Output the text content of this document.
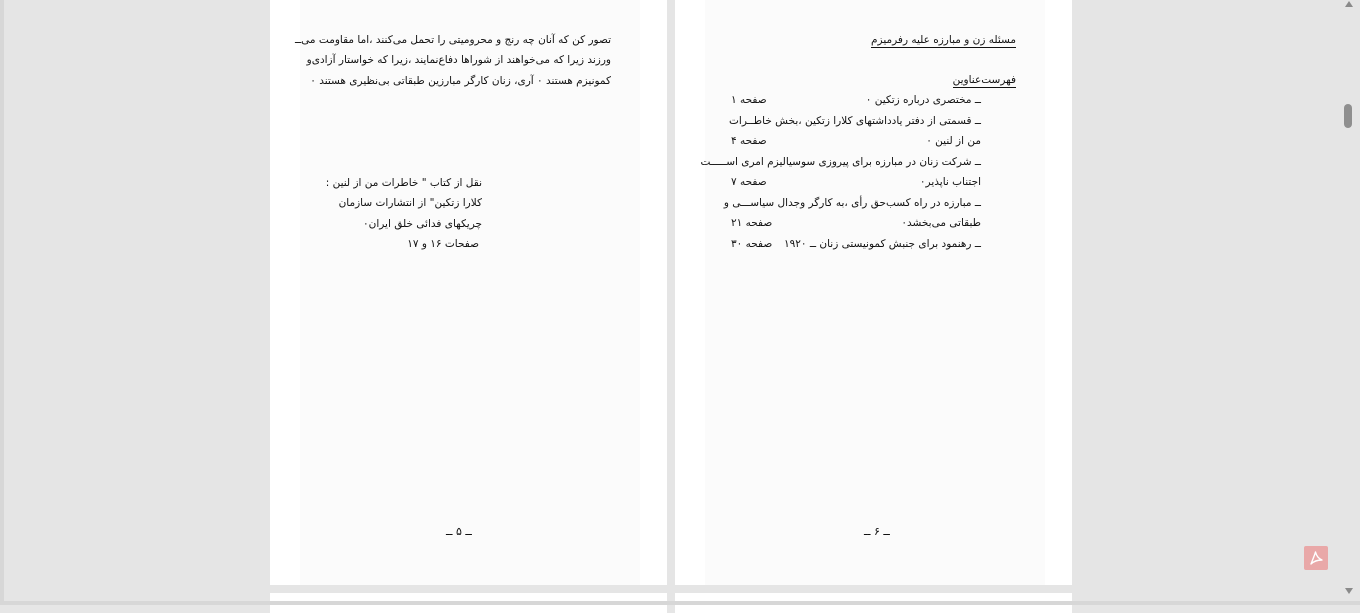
تصور کن که آنان چه رنج و محرومیتی را تحمل می‌کنند ،اما مقاومت می‌ــ
ورزند زیرا که می‌خواهند از شوراها دفاع‌نمایند ،زیرا که خواستار آزادی‌و
کمونیزم هستند ۰ آری، زنان کارگر مبارزین طبقاتی بی‌نظیری هستند ۰
نقل از کتاب " خاطرات من از لنین :
کلارا زتکین" از انتشارات سازمان
چریکهای فدائی خلق ایران۰
صفحات ۱۶ و ۱۷
ــ ۵ ــ
مسئله زن و مبارزه علیه رفرمیزم
فهرست‌عناوین
ــ مختصری درباره زتکین ۰
صفحه ۱
ــ قسمتی از دفتر یادداشتهای کلارا زتکین ،بخش خاطــرات
من از لنین ۰
صفحه ۴
ــ شرکت زنان در مبارزه برای پیروزی سوسیالیزم امری اســـــت
اجتناب ناپذیر۰
صفحه ۷
ــ مبارزه در راه کسب‌حق رأی ،به کارگر وجدال سیاســـی و
طبقاتی می‌بخشد۰
صفحه ۲۱
ــ رهنمود برای جنبش کمونیستی زنان ــ ۱۹۲۰
صفحه ۳۰
ــ ۶ ــ
